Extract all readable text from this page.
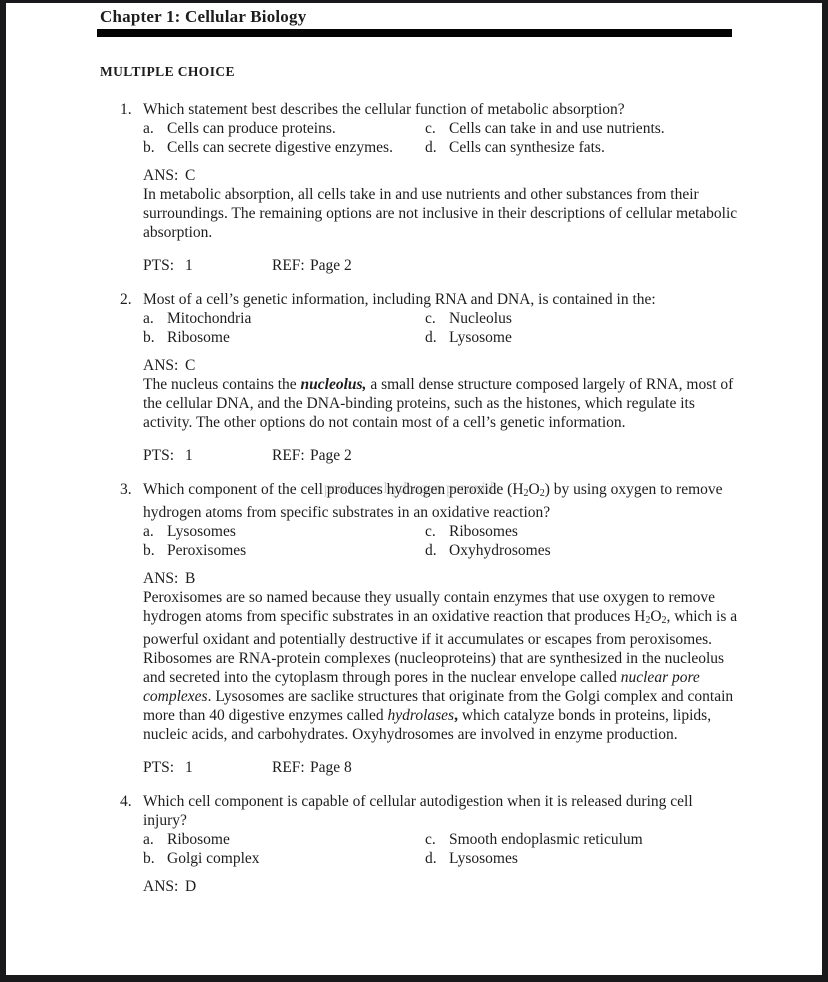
Chapter 1: Cellular Biology
MULTIPLE CHOICE
1. Which statement best describes the cellular function of metabolic absorption?
a. Cells can produce proteins.	c. Cells can take in and use nutrients.
b. Cells can secrete digestive enzymes. d. Cells can synthesize fats.
ANS: C
In metabolic absorption, all cells take in and use nutrients and other substances from their surroundings. The remaining options are not inclusive in their descriptions of cellular metabolic absorption.
PTS: 1	REF: Page 2
2. Most of a cell’s genetic information, including RNA and DNA, is contained in the:
a. Mitochondria	c. Nucleolus
b. Ribosome	d. Lysosome
ANS: C
The nucleus contains the nucleolus, a small dense structure composed largely of RNA, most of the cellular DNA, and the DNA-binding proteins, such as the histones, which regulate its activity. The other options do not contain most of a cell’s genetic information.
PTS: 1	REF: Page 2
3. Which component of the cell produces hydrogen peroxide (H2O2) by using oxygen to remove hydrogen atoms from specific substrates in an oxidative reaction?
a. Lysosomes	c. Ribosomes
b. Peroxisomes	d. Oxyhydrosomes
ANS: B
Peroxisomes are so named because they usually contain enzymes that use oxygen to remove hydrogen atoms from specific substrates in an oxidative reaction that produces H2O2, which is a powerful oxidant and potentially destructive if it accumulates or escapes from peroxisomes. Ribosomes are RNA-protein complexes (nucleoproteins) that are synthesized in the nucleolus and secreted into the cytoplasm through pores in the nuclear envelope called nuclear pore complexes. Lysosomes are saclike structures that originate from the Golgi complex and contain more than 40 digestive enzymes called hydrolases, which catalyze bonds in proteins, lipids, nucleic acids, and carbohydrates. Oxyhydrosomes are involved in enzyme production.
PTS: 1	REF: Page 8
4. Which cell component is capable of cellular autodigestion when it is released during cell injury?
a. Ribosome	c. Smooth endoplasmic reticulum
b. Golgi complex	d. Lysosomes
ANS: D
